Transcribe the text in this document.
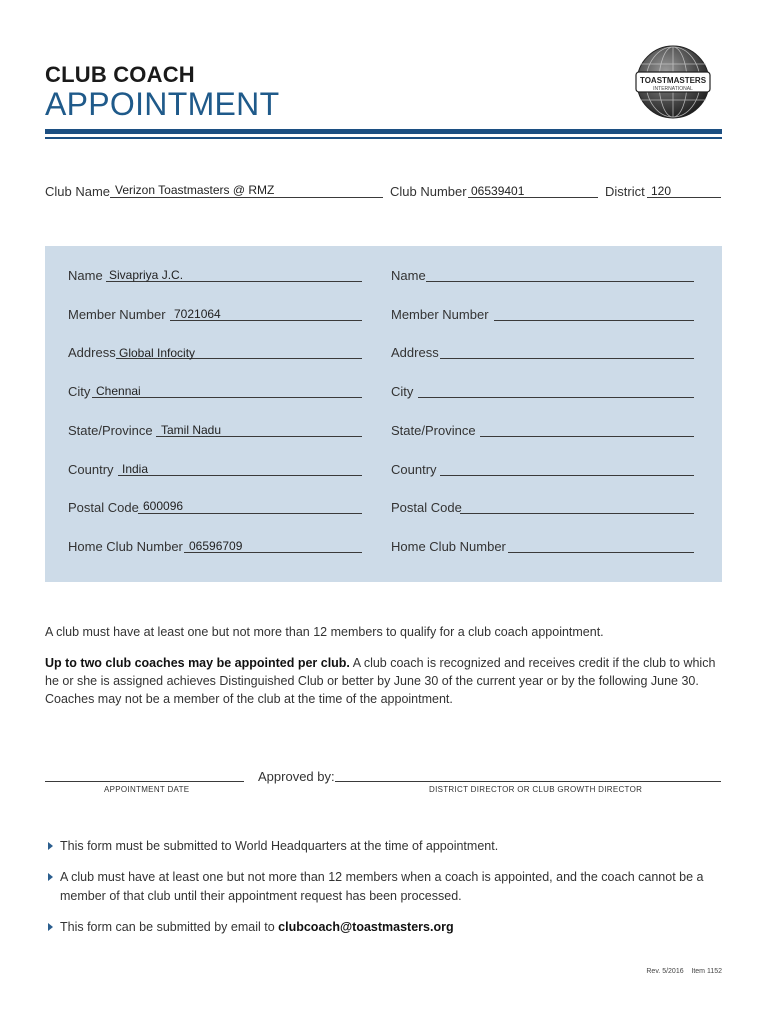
CLUB COACH
APPOINTMENT
TOASTMASTERS
INTERNATIONAL
Club Name Verizon Toastmasters @ RMZ	Club Number 06539401	District 120
Name Sivapriya J.C.
Member Number 7021064
Address Global Infocity
City Chennai
State/Province Tamil Nadu
Country India
Postal Code 600096
Home Club Number 06596709
Name
Member Number
Address
City
State/Province
Country
Postal Code
Home Club Number
A club must have at least one but not more than 12 members to qualify for a club coach appointment.
Up to two club coaches may be appointed per club. A club coach is recognized and receives credit if the club to which he or she is assigned achieves Distinguished Club or better by June 30 of the current year or by the following June 30. Coaches may not be a member of the club at the time of the appointment.
APPOINTMENT DATE
Approved by:
DISTRICT DIRECTOR OR CLUB GROWTH DIRECTOR
This form must be submitted to World Headquarters at the time of appointment.
A club must have at least one but not more than 12 members when a coach is appointed, and the coach cannot be a member of that club until their appointment request has been processed.
This form can be submitted by email to clubcoach@toastmasters.org
Rev. 5/2016    Item 1152
